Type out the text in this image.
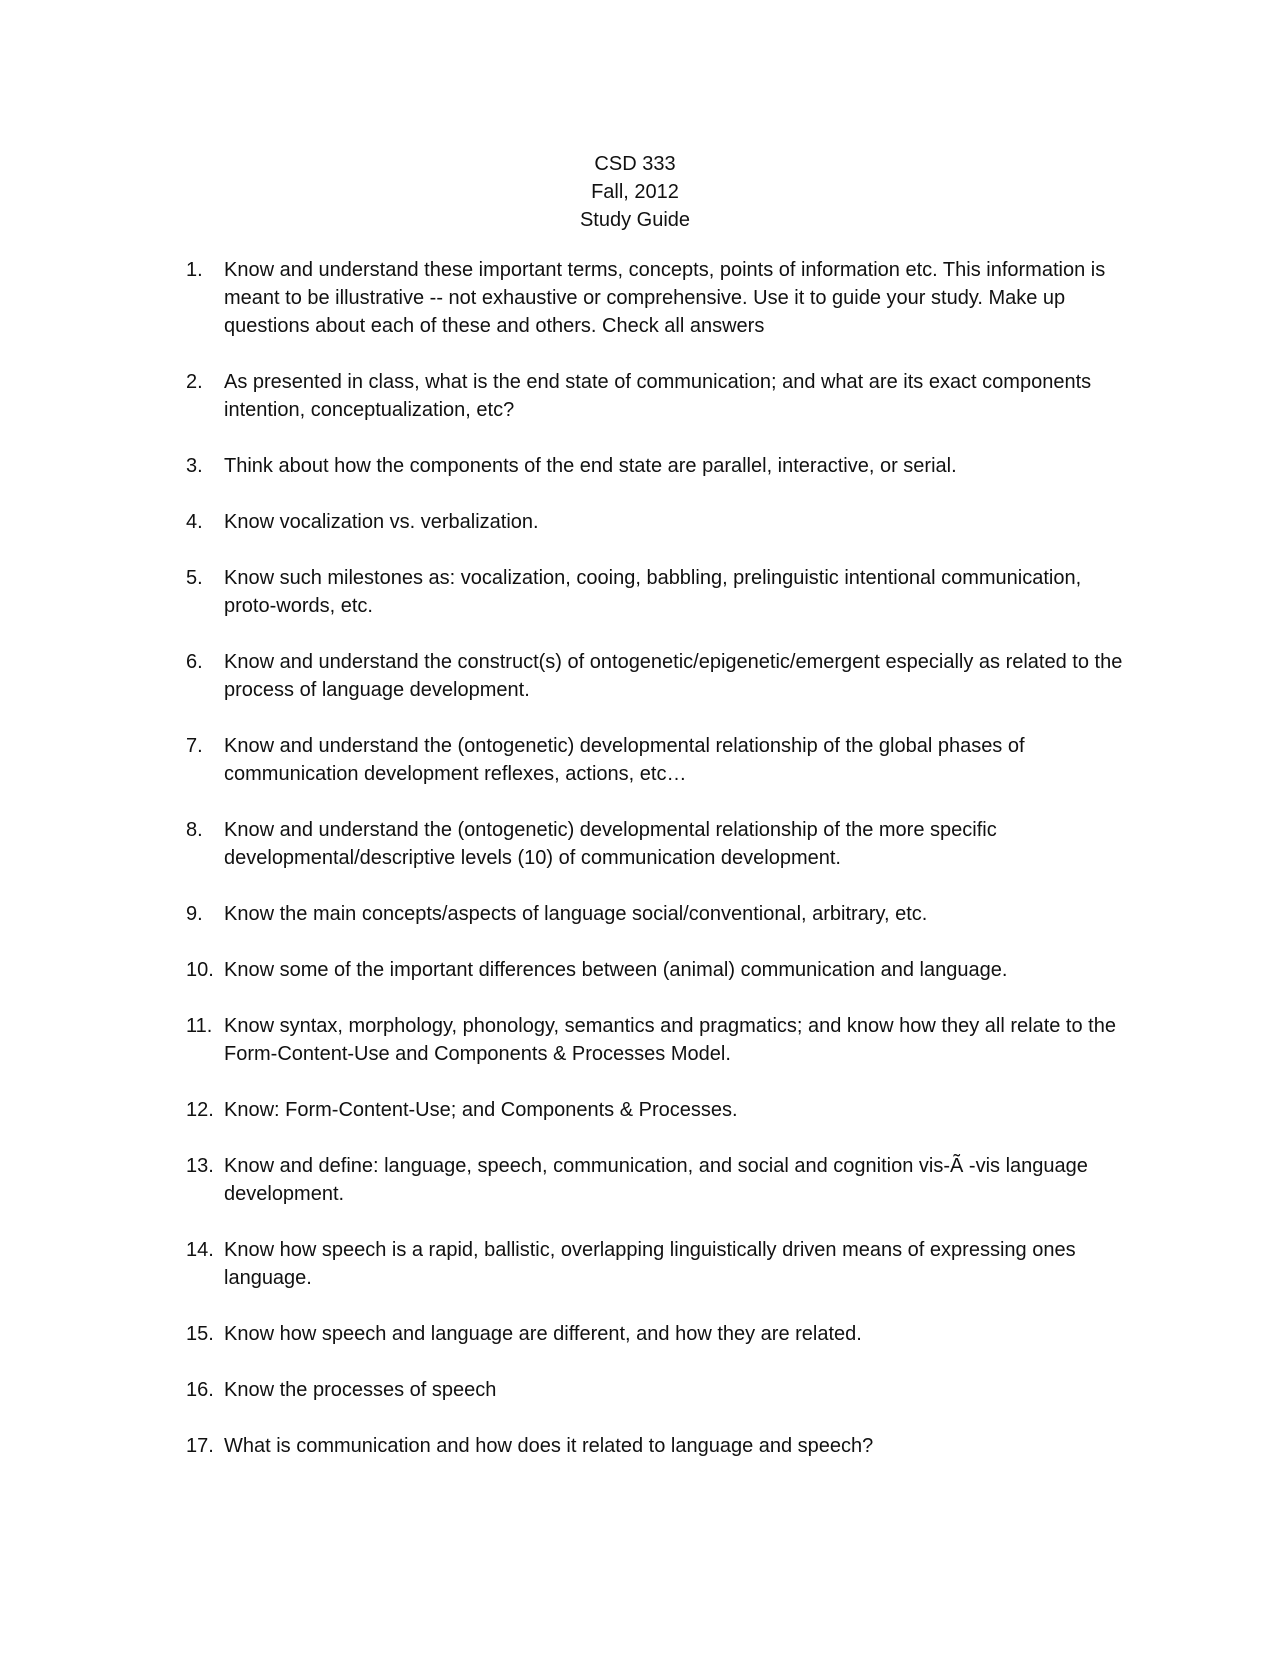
CSD 333
Fall, 2012
Study Guide
1.	Know and understand these important terms, concepts, points of information etc. This information is meant to be illustrative -- not exhaustive or comprehensive. Use it to guide your study. Make up questions about each of these and others. Check all answers
2.	As presented in class, what is the end state of communication; and what are its exact components intention, conceptualization, etc?
3.	Think about how the components of the end state are parallel, interactive, or serial.
4.	Know vocalization vs. verbalization.
5.	Know such milestones as: vocalization, cooing, babbling, prelinguistic intentional communication, proto-words, etc.
6.	Know and understand the construct(s) of ontogenetic/epigenetic/emergent especially as related to the process of language development.
7.	Know and understand the (ontogenetic) developmental relationship of the global phases of communication development reflexes, actions, etc…
8.	Know and understand the (ontogenetic) developmental relationship of the more specific developmental/descriptive levels (10) of communication development.
9.	Know the main concepts/aspects of language social/conventional, arbitrary, etc.
10. Know some of the important differences between (animal) communication and language.
11. Know syntax, morphology, phonology, semantics and pragmatics; and know how they all relate to the Form-Content-Use and Components & Processes Model.
12. Know: Form-Content-Use; and Components & Processes.
13. Know and define: language, speech, communication, and social and cognition vis-Ã -vis language development.
14. Know how speech is a rapid, ballistic, overlapping linguistically driven means of expressing ones language.
15. Know how speech and language are different, and how they are related.
16. Know the processes of speech
17. What is communication and how does it related to language and speech?
